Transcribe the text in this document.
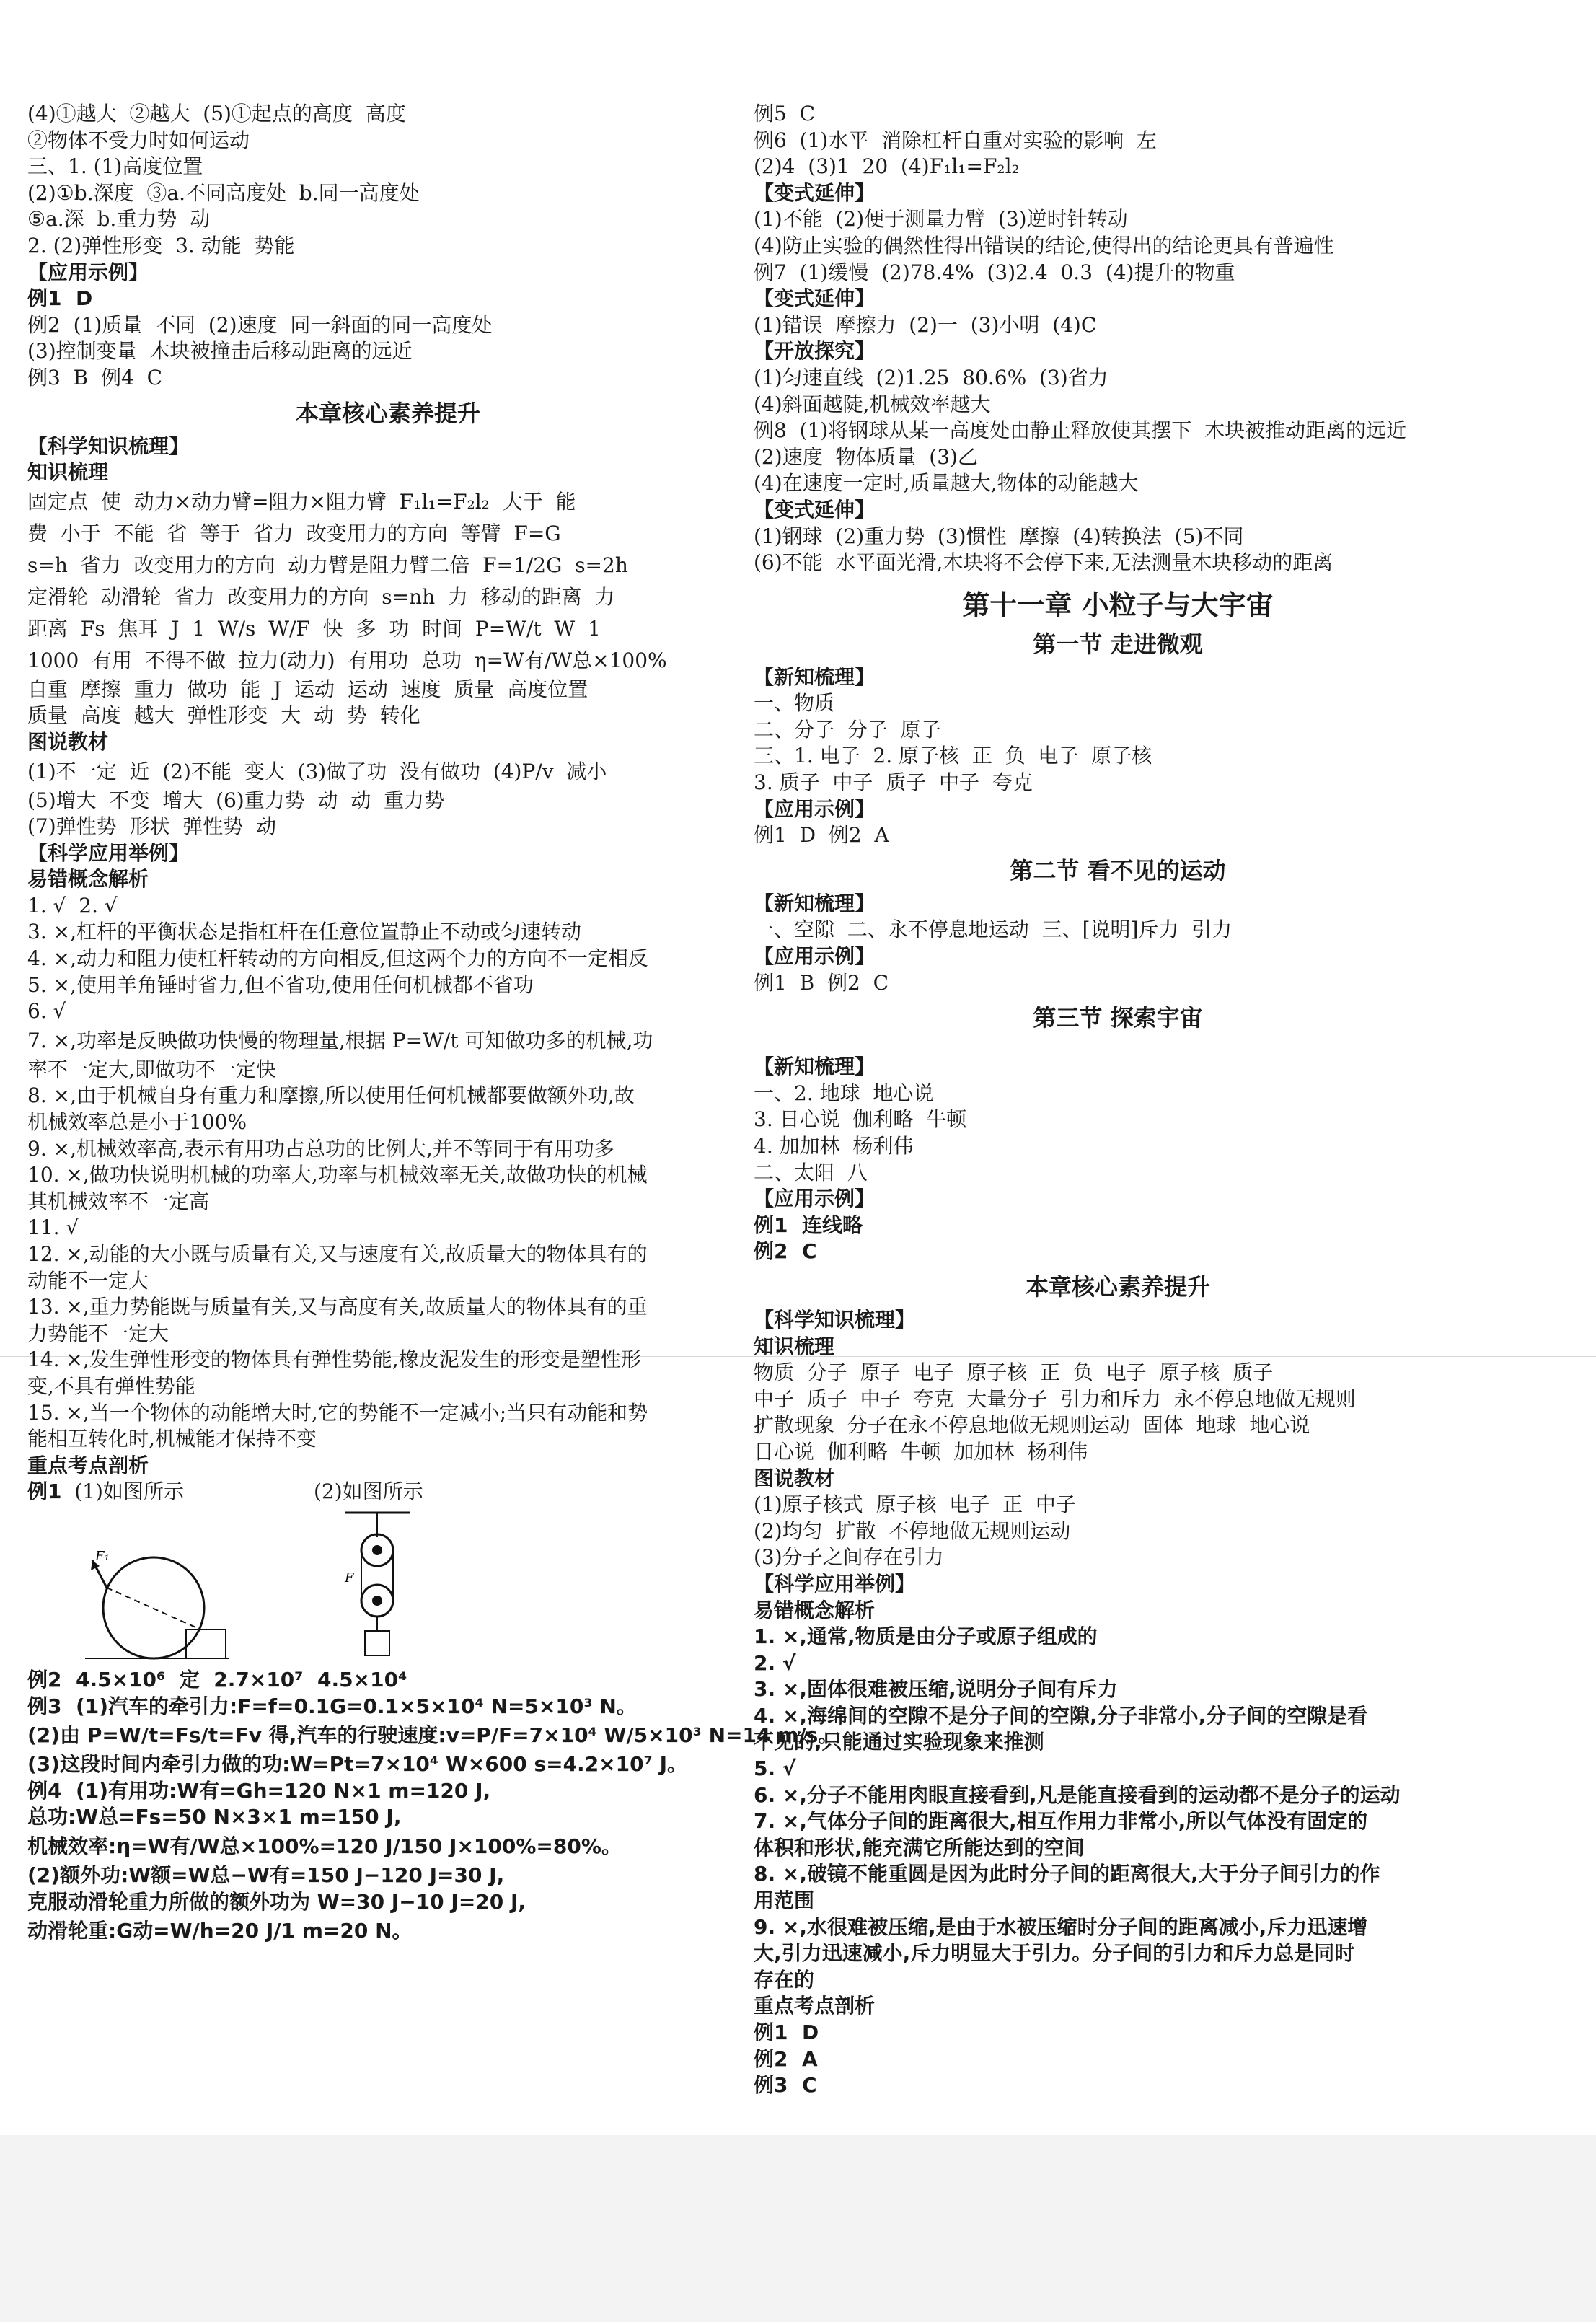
(4)①越大  ②越大  (5)①起点的高度  高度

②物体不受力时如何运动

三、1. (1)高度位置

(2)①b.深度  ③a.不同高度处  b.同一高度处

⑤a.深  b.重力势  动

2. (2)弹性形变  3. 动能  势能

【应用示例】

例1  D

例2  (1)质量  不同  (2)速度  同一斜面的同一高度处

(3)控制变量  木块被撞击后移动距离的远近

例3  B  例4  C

本章核心素养提升

【科学知识梳理】

知识梳理

固定点  使  动力×动力臂=阻力×阻力臂  F₁l₁=F₂l₂  大于  能

费  小于  不能  省  等于  省力  改变用力的方向  等臂  F=G

s=h  省力  改变用力的方向  动力臂是阻力臂二倍  F=1/2G  s=2h

定滑轮  动滑轮  省力  改变用力的方向  s=nh  力  移动的距离  力

距离  Fs  焦耳  J  1  W/s  W/F  快  多  功  时间  P=W/t  W  1

1000  有用  不得不做  拉力(动力)  有用功  总功  η=W有/W总×100%

自重  摩擦  重力  做功  能  J  运动  运动  速度  质量  高度位置

质量  高度  越大  弹性形变  大  动  势  转化

图说教材

(1)不一定  近  (2)不能  变大  (3)做了功  没有做功  (4)P/v  减小

(5)增大  不变  增大  (6)重力势  动  动  重力势

(7)弹性势  形状  弹性势  动

【科学应用举例】

易错概念解析

1. √  2. √

3. ×,杠杆的平衡状态是指杠杆在任意位置静止不动或匀速转动

4. ×,动力和阻力使杠杆转动的方向相反,但这两个力的方向不一定相反

5. ×,使用羊角锤时省力,但不省功,使用任何机械都不省功

6. √

7. ×,功率是反映做功快慢的物理量,根据 P=W/t 可知做功多的机械,功

率不一定大,即做功不一定快

8. ×,由于机械自身有重力和摩擦,所以使用任何机械都要做额外功,故

机械效率总是小于100%

9. ×,机械效率高,表示有用功占总功的比例大,并不等同于有用功多

10. ×,做功快说明机械的功率大,功率与机械效率无关,故做功快的机械

其机械效率不一定高

11. √

12. ×,动能的大小既与质量有关,又与速度有关,故质量大的物体具有的

动能不一定大

13. ×,重力势能既与质量有关,又与高度有关,故质量大的物体具有的重

力势能不一定大

14. ×,发生弹性形变的物体具有弹性势能,橡皮泥发生的形变是塑性形

变,不具有弹性势能

15. ×,当一个物体的动能增大时,它的势能不一定减小;当只有动能和势

能相互转化时,机械能才保持不变

重点考点剖析

例1 (1)如图所示	(2)如图所示

F₁
F

例2  4.5×10⁶  定  2.7×10⁷  4.5×10⁴

例3  (1)汽车的牵引力:F=f=0.1G=0.1×5×10⁴ N=5×10³ N。

(2)由 P=W/t=Fs/t=Fv 得,汽车的行驶速度:v=P/F=7×10⁴ W/5×10³ N=14 m/s。

(3)这段时间内牵引力做的功:W=Pt=7×10⁴ W×600 s=4.2×10⁷ J。

例4  (1)有用功:W有=Gh=120 N×1 m=120 J,

总功:W总=Fs=50 N×3×1 m=150 J,

机械效率:η=W有/W总×100%=120 J/150 J×100%=80%。

(2)额外功:W额=W总−W有=150 J−120 J=30 J,

克服动滑轮重力所做的额外功为 W=30 J−10 J=20 J,

动滑轮重:G动=W/h=20 J/1 m=20 N。

例5  C

例6  (1)水平  消除杠杆自重对实验的影响  左

(2)4  (3)1  20  (4)F₁l₁=F₂l₂

【变式延伸】

(1)不能  (2)便于测量力臂  (3)逆时针转动

(4)防止实验的偶然性得出错误的结论,使得出的结论更具有普遍性

例7  (1)缓慢  (2)78.4%  (3)2.4  0.3  (4)提升的物重

【变式延伸】

(1)错误  摩擦力  (2)一  (3)小明  (4)C

【开放探究】

(1)匀速直线  (2)1.25  80.6%  (3)省力

(4)斜面越陡,机械效率越大

例8  (1)将钢球从某一高度处由静止释放使其摆下  木块被推动距离的远近

(2)速度  物体质量  (3)乙

(4)在速度一定时,质量越大,物体的动能越大

【变式延伸】

(1)钢球  (2)重力势  (3)惯性  摩擦  (4)转换法  (5)不同

(6)不能  水平面光滑,木块将不会停下来,无法测量木块移动的距离

第十一章 小粒子与大宇宙
第一节 走进微观

【新知梳理】

一、物质

二、分子  分子  原子

三、1. 电子  2. 原子核  正  负  电子  原子核

3. 质子  中子  质子  中子  夸克

【应用示例】

例1  D  例2  A

第二节 看不见的运动

【新知梳理】

一、空隙  二、永不停息地运动  三、[说明]斥力  引力

【应用示例】

例1  B  例2  C

第三节 探索宇宙

【新知梳理】

一、2. 地球  地心说

3. 日心说  伽利略  牛顿

4. 加加林  杨利伟

二、太阳  八

【应用示例】

例1  连线略

例2  C

本章核心素养提升

【科学知识梳理】

知识梳理

物质  分子  原子  电子  原子核  正  负  电子  原子核  质子

中子  质子  中子  夸克  大量分子  引力和斥力  永不停息地做无规则

扩散现象  分子在永不停息地做无规则运动  固体  地球  地心说

日心说  伽利略  牛顿  加加林  杨利伟

图说教材

(1)原子核式  原子核  电子  正  中子

(2)均匀  扩散  不停地做无规则运动

(3)分子之间存在引力

【科学应用举例】

易错概念解析

1. ×,通常,物质是由分子或原子组成的

2. √

3. ×,固体很难被压缩,说明分子间有斥力

4. ×,海绵间的空隙不是分子间的空隙,分子非常小,分子间的空隙是看

不见的,只能通过实验现象来推测

5. √

6. ×,分子不能用肉眼直接看到,凡是能直接看到的运动都不是分子的运动

7. ×,气体分子间的距离很大,相互作用力非常小,所以气体没有固定的

体积和形状,能充满它所能达到的空间

8. ×,破镜不能重圆是因为此时分子间的距离很大,大于分子间引力的作

用范围

9. ×,水很难被压缩,是由于水被压缩时分子间的距离减小,斥力迅速增

大,引力迅速减小,斥力明显大于引力。分子间的引力和斥力总是同时

存在的

重点考点剖析

例1  D

例2  A

例3  C
